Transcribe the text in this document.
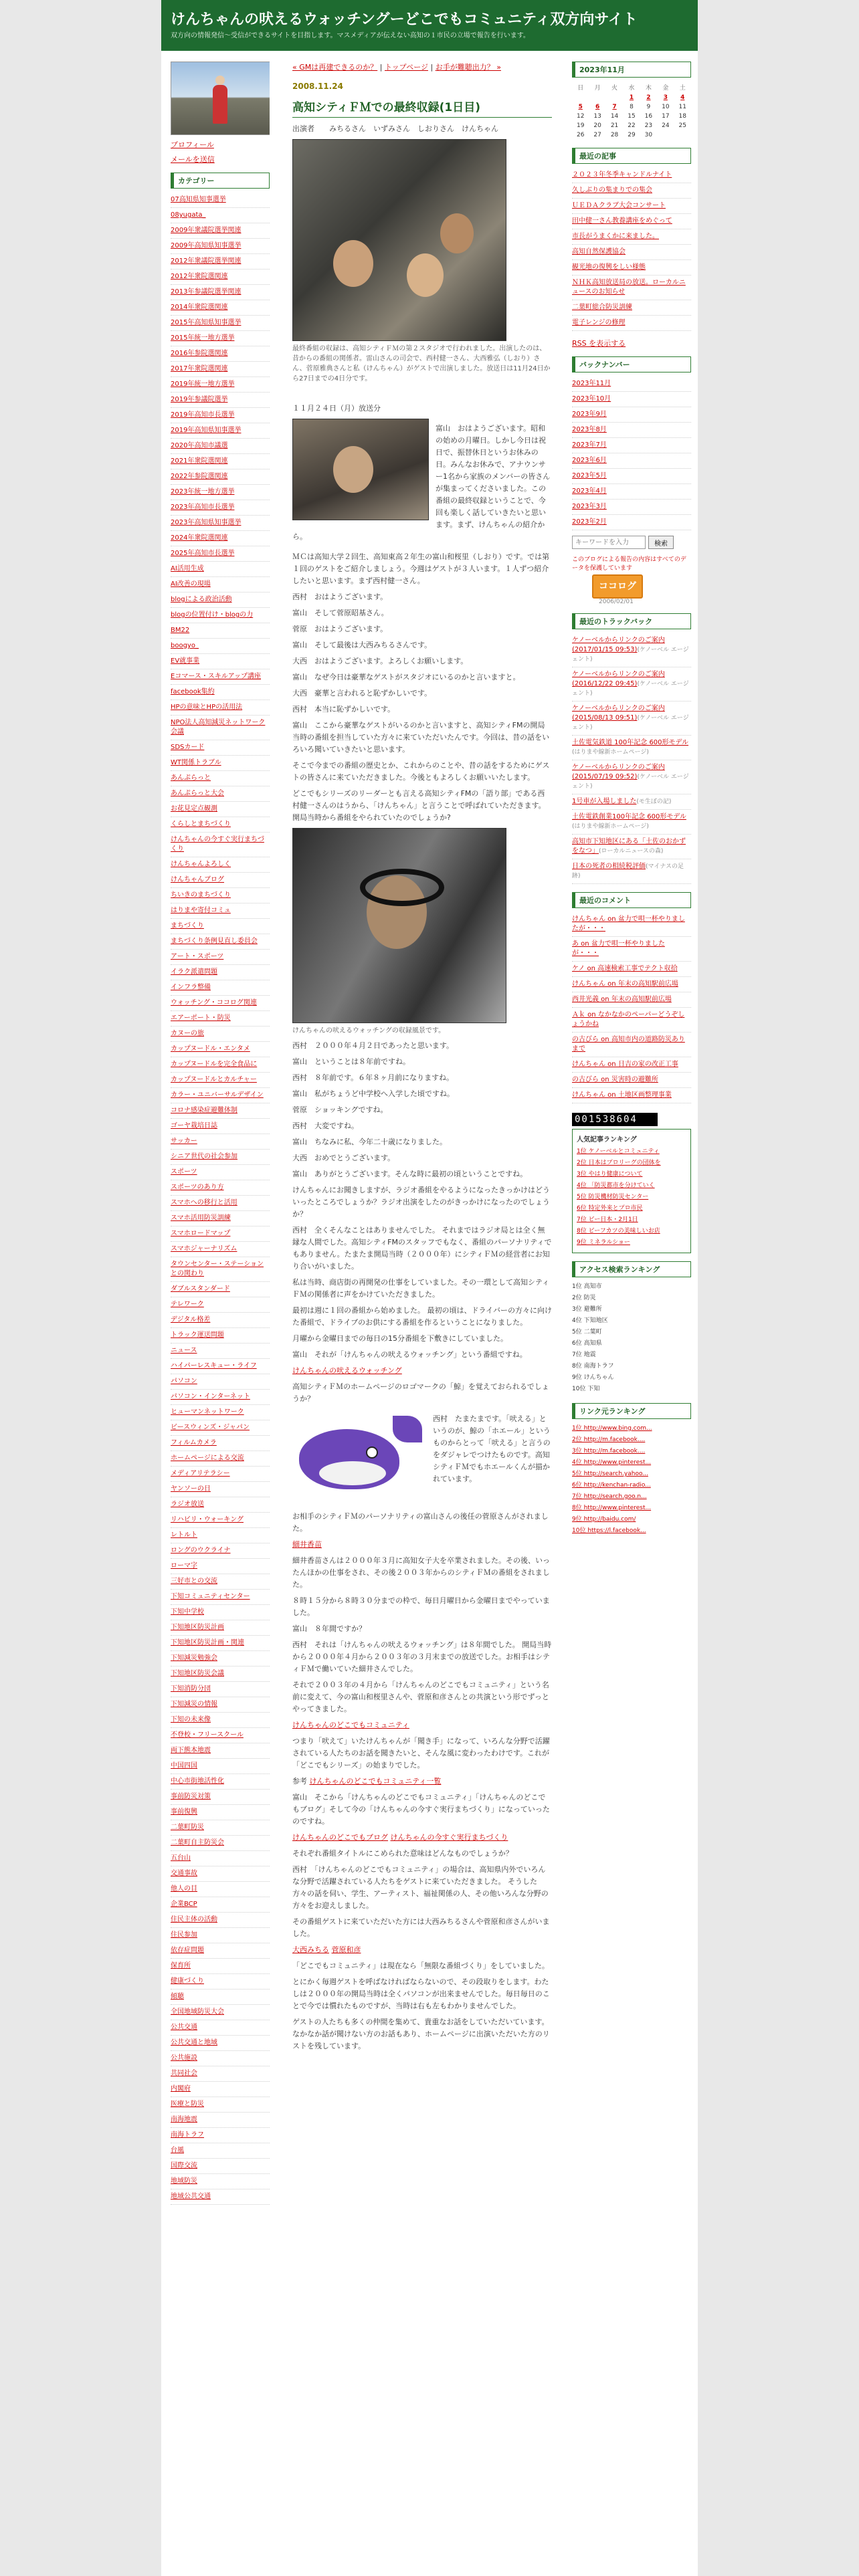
けんちゃんの吠えるウォッチングーどこでもコミュニティ双方向サイト
双方向の情報発信〜受信ができるサイトを目指します。マスメディアが伝えない高知の１市民の立場で報告を行います。
プロフィール
メールを送信
カテゴリー
07高知県知事選挙
08yugata_
2009年衆議院選挙関連
2009年高知県知事選挙
2012年衆議院選挙関連
2012年衆院選関連
2013年参議院選挙関連
2014年衆院選関連
2015年高知県知事選挙
2015年統一地方選挙
2016年参院選関連
2017年衆院選関連
2019年統一地方選挙
2019年参議院選挙
2019年高知市長選挙
2019年高知県知事選挙
2020年高知市議選
2021年衆院選関連
2022年参院選関連
2023年統一地方選挙
2023年高知市長選挙
2023年高知県知事選挙
2024年衆院選関連
2025年高知市長選挙
AI活用生成
AI改善の現場
blogによる政治活動
blogの位置付け・blogの力
BM22
boogyo_
EV就事業
Eコマース・スキルアップ講座
facebook集約
HPの意味とHPの活用法
NPO法人高知減災ネットワーク会議
SDSカード
WT関係トラブル
あんぷらっと
あんぷらっと大会
お花見定点観測
くらしとまちづくり
けんちゃんの今すぐ実行まちづくり
けんちゃんよろしく
けんちゃんブログ
ちいきのまちづくり
はりまや寄付コミュ
まちづくり
まちづくり条例見直し委員会
アート・スポーツ
イラク派遣問題
インフラ整備
ウォッチング・ココログ関連
エアーポート・防災
カヌーの旅
カップヌードル・エンタメ
カップヌードルを完全食品に
カップヌードルとカルチャー
カラー・ユニバーサルデザイン
コロナ感染症避難体制
ゴーヤ栽培日誌
サッカー
シニア世代の社会参加
スポーツ
スポーツのあり方
スマホへの移行と活用
スマホ活用防災訓練
スマホロードマップ
スマホジャーナリズム
タウンセンター・ステーションとの関わり
ダブルスタンダード
テレワーク
デジタル格差
トラック運送問題
ニュース
ハイパーレスキュー・ライフ
パソコン
パソコン・インターネット
ヒューマンネットワーク
ビースウィンズ・ジャパン
フィルムカメラ
ホームページによる交流
メディアリテラシー
ヤンソーの日
ラジオ放送
リハビリ・ウォーキング
レトルト
ロングのウクライナ
ローマ字
三好市との交流
下知コミュニティセンター
下知中学校
下知地区防災計画
下知地区防災計画・関連
下知減災勉強会
下知地区防災会議
下知消防分団
下知減災の情報
下知の未来像
不登校・フリースクール
両下熊本地震
中国四国
中心市街地活性化
事前防災対策
事前復興
二葉町防災
二葉町自主防災会
五台山
交通事故
他人の目
企業BCP
住民主体の活動
住民参加
依存症問題
保育所
健康づくり
傾聴
全国地域防災大会
公共交通
公共交通と地域
公共施設
共同社会
内閣府
医療と防災
南海地震
南海トラフ
台風
国際交流
地域防災
地域公共交通
« GMは再建できるのか？ | トップページ | お手が難聴出力？ »
2008.11.24
高知シティＦＭでの最終収録(1日目)
出演者　　みちるさん　いずみさん　しおりさん　けんちゃん
最終番組の収録は、高知シティＦＭの第２スタジオで行われました。出演したのは、昔からの番組の関係者。雷山さんの司会で、西村健一さん、大西雅弘（しおり）さん、菅原雅典さんと私（けんちゃん）がゲストで出演しました。放送日は11月24日から27日までの4日分です。
１１月２４日（月）放送分
富山　おはようございます。昭和の始めの月曜日。しかし今日は祝日で、振替休日というお休みの日。みんなお休みで、アナウンサー1名から家族のメンバーの皆さんが集まってくださいました。この番組の最終収録ということで、今回も楽しく話していきたいと思います。まず、けんちゃんの紹介から。
ＭＣは高知大学２回生、高知東高２年生の富山和桜里（しおり）です。では第１回のゲストをご紹介しましょう。今週はゲストが３人います。１人ずつ紹介したいと思います。まず西村健一さん。
西村　おはようございます。
富山　そして菅原昭基さん。
菅原　おはようございます。
富山　そして最後は大西みちるさんです。
大西　おはようございます。よろしくお願いします。
富山　なぜ今日は豪華なゲストがスタジオにいるのかと言いますと。
大西　豪華と言われると恥ずかしいです。
西村　本当に恥ずかしいです。
富山　ここから豪華なゲストがいるのかと言いますと、高知シティFMの開局当時の番組を担当していた方々に来ていただいたんです。今回は、昔の話をいろいろ聞いていきたいと思います。
そこで今までの番組の歴史とか、これからのことや、昔の話をするためにゲストの皆さんに来ていただきました。今後ともよろしくお願いいたします。
どこでもシリーズのリーダーとも言える高知シティFMの「語り部」である西村健一さんのはうから、「けんちゃん」と言うことで呼ばれていただきます。 開局当時から番組をやられていたのでしょうか?
けんちゃんの吠えるウォッチングの収録風景です。
西村　２０００年４月２日であったと思います。
富山　ということは８年前ですね。
西村　８年前です。６年８ヶ月前になりますね。
富山　私がちょうど中学校へ入学した頃ですね。
菅原　ショッキングですね。
西村　大変ですね。
富山　ちなみに私、今年二十歳になりました。
大西　おめでとうございます。
富山　ありがとうございます。そんな時に最初の頃ということですね。
けんちゃんにお聞きしますが、ラジオ番組をやるようになったきっかけはどういったところでしょうか？ラジオ出演をしたのがきっかけになったのでしょうか？
西村　全くそんなことはありませんでした。 それまではラジオ局とは全く無縁な人間でした。高知シティFMのスタッフでもなく、番組のパーソナリティでもありません。たまたま開局当時（２０００年）にシティＦＭの経営者にお知り合いがいました。
私は当時、商店街の再開発の仕事をしていました。その一環として高知シティＦＭの関係者に声をかけていただきました。
最初は週に１回の番組から始めました。 最初の頃は、ドライバーの方々に向けた番組で、ドライブのお供にする番組を作るということになりました。
月曜から金曜日までの毎日の15分番組を下敷きにしていました。
富山　それが「けんちゃんの吠えるウォッチング」という番組ですね。
けんちゃんの吠えるウォッチング
高知シティＦＭのホームページのロゴマークの「鯨」を覚えておられるでしょうか？
西村　たまたまです。「吠える」というのが、鯨の「ホエール」というものからとって「吠える」と言うのをダジャレでつけたものです。高知シティＦＭでもホエールくんが描かれています。
お相手のシティＦＭのパーソナリティの富山さんの後任の菅原さんがされました。
細井香苗
細井香苗さんは２０００年３月に高知女子大を卒業されました。その後、いったんほかの仕事をされ、その後２００３年からのシティＦＭの番組をされました。
８時１５分から８時３０分までの枠で、毎日月曜日から金曜日までやっていました。
富山　８年間ですか？
西村　それは「けんちゃんの吠えるウォッチング」は８年間でした。 開局当時から２０００年４月から２００３年の３月末までの放送でした。お相手はシティＦＭで働いていた細井さんでした。
それで２００３年の４月から「けんちゃんのどこでもコミュニティ」という名前に変えて、今の富山和桜里さんや、菅原和彦さんとの共演という形でずっとやってきました。
けんちゃんのどこでもコミュニティ
つまり「吠えて」いたけんちゃんが「聞き手」になって、いろんな分野で活躍されている人たちのお話を聞きたいと、そんな風に変わったわけです。これが「どこでもシリーズ」の始まりでした。
参考 けんちゃんのどこでもコミュニティ一覧
富山　そこから「けんちゃんのどこでもコミュニティ」「けんちゃんのどこでもブログ」そして今の「けんちゃんの今すぐ実行まちづくり」になっていったのですね。
けんちゃんのどこでもブログ けんちゃんの今すぐ実行まちづくり
それぞれ番組タイトルにこめられた意味はどんなものでしょうか？
西村　「けんちゃんのどこでもコミュニティ」の場合は、高知県内外でいろんな分野で活躍されている人たちをゲストに来ていただきました。 そうした方々の話を伺い、学生、アーティスト、福祉関係の人、その他いろんな分野の方々をお迎えしました。
その番組ゲストに来ていただいた方には大西みちるさんや菅原和彦さんがいました。
大西みちる 菅原和彦
「どこでもコミュニティ」は現在なら「無限な番組づくり」をしていました。
とにかく毎週ゲストを呼ばなければならないので、その段取りをします。わたしは２０００年の開局当時は全くパソコンが出来ませんでした。毎日毎日のことで今では慣れたものですが、当時は右も左もわかりませんでした。
ゲストの人たちも多くの仲間を集めて、貴重なお話をしていただいています。なかなか話が聞けない方のお話もあり、ホームページに出演いただいた方のリストを残しています。
2023年11月
日	月	火	水	木	金	土
			1	2	3	4
5	6	7	8	9	10	11
12	13	14	15	16	17	18
19	20	21	22	23	24	25
26	27	28	29	30		
最近の記事
２０２３年冬季キャンドルナイト
久しぶりの集まりでの集会
ＵＥＤＡクラブ大会コンサート
田中健一さん教養講座をめぐって
市長がうまくかに来ました。
高知自然保護協会
観光地の復興をしい様態
ＮＨＫ高知放送局の放送。ローカルニュースのお知らせ
二葉町総合防災訓練
電子レンジの修理
RSS を表示する
バックナンバー
2023年11月
2023年10月
2023年9月
2023年8月
2023年7月
2023年6月
2023年5月
2023年4月
2023年3月
2023年2月
キーワードを入力
検索
このブログによる報告の内容はすべてのデータを保護しています
ココログ
2006/02/01
最近のトラックバック
ケノーベルからリンクのご案内(2017/01/15 09:53)(ケノーベル エージェント)
ケノーベルからリンクのご案内(2016/12/22 09:45)(ケノーベル エージェント)
ケノーベルからリンクのご案内(2015/08/13 09:51)(ケノーベル エージェント)
土佐電気鉄道 100年記念 600形モデル(はりまや線新ホームページ)
ケノーベルからリンクのご案内(2015/07/19 09:52)(ケノーベル エージェント)
1号車が入場しました(モ生ぼの記)
土佐電鉄創業100年記念 600形モデル(はりまや線新ホームページ)
高知市下知地区にある「土佐のおかずをなつ」(ローカルニュースの森)
日本の死者の相続税評価(マイナスの足跡)
最近のコメント
けんちゃん on 盆力で唄一杯やりましたが・・・
あ on 盆力で唄一杯やりましたが・・・
ケノ on 高速検索工事でテクト収拾
けんちゃん on 年末の高知駅前広場
西井光義 on 年末の高知駅前広場
Ａｋ on なかなかのペーパーどうぞしょうかね
の古びら on 高知市内の道路防災ありまで
けんちゃん on 日吉の家の改正工事
の古びら on 災害時の避難所
けんちゃん on 土地区画整理事業
001538604
人気記事ランキング
1位 ケノーベルとコミュニティ
2位 日本はプロリーグの団体を
3位 やはり健康について
4位 「防災都市を分けていく
5位 防災機材防災センター
6位 特定外来とプロ市民
7位 ビー日本・2月1日
8位 ビーフカツの美味しいお店
9位 ミネラルショー
アクセス検索ランキング
1位 高知市
2位 防災
3位 避難所
4位 下知地区
5位 二葉町
6位 高知県
7位 地震
8位 南海トラフ
9位 けんちゃん
10位 下知
リンク元ランキング
1位 http://www.bing.com...
2位 http://m.facebook....
3位 http://m.facebook....
4位 http://www.pinterest...
5位 http://search.yahoo...
6位 http://kenchan-radio...
7位 http://search.goo.n...
8位 http://www.pinterest...
9位 http://baidu.com/
10位 https://l.facebook...
